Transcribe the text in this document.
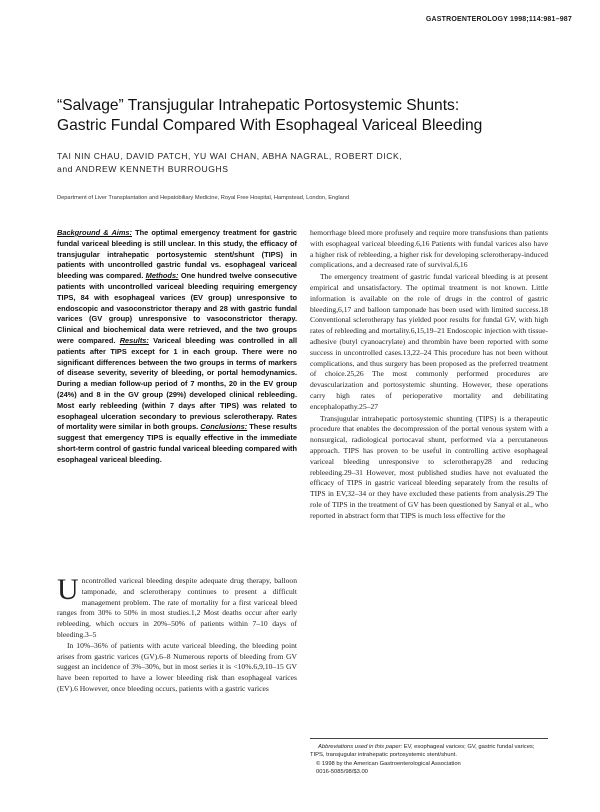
GASTROENTEROLOGY 1998;114:981–987
“Salvage” Transjugular Intrahepatic Portosystemic Shunts:
Gastric Fundal Compared With Esophageal Variceal Bleeding
TAI NIN CHAU, DAVID PATCH, YU WAI CHAN, ABHA NAGRAL, ROBERT DICK,
and ANDREW KENNETH BURROUGHS
Department of Liver Transplantation and Hepatobiliary Medicine, Royal Free Hospital, Hampstead, London, England

Background & Aims: The optimal emergency treatment for gastric fundal variceal bleeding is still unclear. In this study, the efficacy of transjugular intrahepatic portosystemic stent/shunt (TIPS) in patients with uncontrolled gastric fundal vs. esophageal variceal bleeding was compared. Methods: One hundred twelve consecutive patients with uncontrolled variceal bleeding requiring emergency TIPS, 84 with esophageal varices (EV group) unresponsive to endoscopic and vasoconstrictor therapy and 28 with gastric fundal varices (GV group) unresponsive to vasoconstrictor therapy. Clinical and biochemical data were retrieved, and the two groups were compared. Results: Variceal bleeding was controlled in all patients after TIPS except for 1 in each group. There were no significant differences between the two groups in terms of markers of disease severity, severity of bleeding, or portal hemodynamics. During a median follow-up period of 7 months, 20 in the EV group (24%) and 8 in the GV group (29%) developed clinical rebleeding. Most early rebleeding (within 7 days after TIPS) was related to esophageal ulceration secondary to previous sclerotherapy. Rates of mortality were similar in both groups. Conclusions: These results suggest that emergency TIPS is equally effective in the immediate short-term control of gastric fundal variceal bleeding compared with esophageal variceal bleeding.

Uncontrolled variceal bleeding despite adequate drug therapy, balloon tamponade, and sclerotherapy continues to present a difficult management problem. The rate of mortality for a first variceal bleed ranges from 30% to 50% in most studies.1,2 Most deaths occur after early rebleeding, which occurs in 20%–50% of patients within 7–10 days of bleeding.3–5

In 10%–36% of patients with acute variceal bleeding, the bleeding point arises from gastric varices (GV).6–8 Numerous reports of bleeding from GV suggest an incidence of 3%–30%, but in most series it is <10%.6,9,10–15 GV have been reported to have a lower bleeding risk than esophageal varices (EV).6 However, once bleeding occurs, patients with a gastric varices

hemorrhage bleed more profusely and require more transfusions than patients with esophageal variceal bleeding.6,16 Patients with fundal varices also have a higher risk of rebleeding, a higher risk for developing sclerotherapy-induced complications, and a decreased rate of survival.6,16

The emergency treatment of gastric fundal variceal bleeding is at present empirical and unsatisfactory. The optimal treatment is not known. Little information is available on the role of drugs in the control of gastric bleeding,6,17 and balloon tamponade has been used with limited success.18 Conventional sclerotherapy has yielded poor results for fundal GV, with high rates of rebleeding and mortality.6,15,19–21 Endoscopic injection with tissue-adhesive (butyl cyanoacrylate) and thrombin have been reported with some success in uncontrolled cases.13,22–24 This procedure has not been without complications, and thus surgery has been proposed as the preferred treatment of choice.25,26 The most commonly performed procedures are devascularization and portosystemic shunting. However, these operations carry high rates of perioperative mortality and debilitating encephalopathy.25–27

Transjugular intrahepatic portosystemic shunting (TIPS) is a therapeutic procedure that enables the decompression of the portal venous system with a nonsurgical, radiological portocaval shunt, performed via a percutaneous approach. TIPS has proven to be useful in controlling active esophageal variceal bleeding unresponsive to sclerotherapy28 and reducing rebleeding.29–31 However, most published studies have not evaluated the efficacy of TIPS in gastric variceal bleeding separately from the results of TIPS in EV,32–34 or they have excluded these patients from analysis.29 The role of TIPS in the treatment of GV has been questioned by Sanyal et al., who reported in abstract form that TIPS is much less effective for the

Abbreviations used in this paper: EV, esophageal varices; GV, gastric fundal varices; TIPS, transjugular intrahepatic portosystemic stent/shunt.

© 1998 by the American Gastroenterological Association

0016-5085/98/$3.00
